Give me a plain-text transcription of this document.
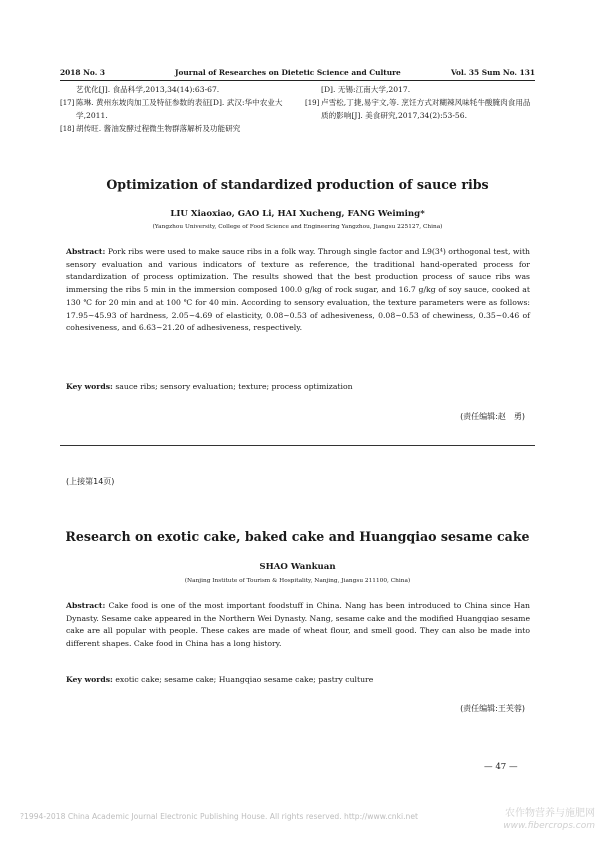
2018 No. 3	Journal of Researches on Dietetic Science and Culture	Vol. 35 Sum No. 131
艺优化[J]. 食品科学,2013,34(14):63-67.
[17] 陈琳. 黄州东坡肉加工及特征参数的表征[D]. 武汉:华中农业大学,2011.
[18] 胡传旺. 酱油发酵过程微生物群落解析及功能研究
[D]. 无锡:江南大学,2017.
[19] 卢雪松,丁捷,易宇文,等. 烹饪方式对糊辣风味牦牛酸腌肉食用品质的影响[J]. 美食研究,2017,34(2):53-56.
Optimization of standardized production of sauce ribs
LIU Xiaoxiao, GAO Li, HAI Xucheng, FANG Weiming*
(Yangzhou University, College of Food Science and Engineering Yangzhou, Jiangsu 225127, China)

Abstract: Pork ribs were used to make sauce ribs in a folk way. Through single factor and L9(3⁴) orthogonal test, with sensory evaluation and various indicators of texture as reference, the traditional hand-operated process for standardization of process optimization. The results showed that the best production process of sauce ribs was immersing the ribs 5 min in the immersion composed 100.0 g/kg of rock sugar, and 16.7 g/kg of soy sauce, cooked at 130 ℃ for 20 min and at 100 ℃ for 40 min. According to sensory evaluation, the texture parameters were as follows: 17.95~45.93 of hardness, 2.05~4.69 of elasticity, 0.08~0.53 of adhesiveness, 0.08~0.53 of chewiness, 0.35~0.46 of cohesiveness, and 6.63~21.20 of adhesiveness, respectively.

Key words: sauce ribs; sensory evaluation; texture; process optimization
(责任编辑:赵　勇)
(上接第14页)
Research on exotic cake, baked cake and Huangqiao sesame cake
SHAO Wankuan
(Nanjing Institute of Tourism & Hospitality, Nanjing, Jiangsu 211100, China)

Abstract: Cake food is one of the most important foodstuff in China. Nang has been introduced to China since Han Dynasty. Sesame cake appeared in the Northern Wei Dynasty. Nang, sesame cake and the modified Huangqiao sesame cake are all popular with people. These cakes are made of wheat flour, and smell good. They can also be made into different shapes. Cake food in China has a long history.

Key words: exotic cake; sesame cake; Huangqiao sesame cake; pastry culture
(责任编辑:王芙蓉)
— 47 —
?1994-2018 China Academic Journal Electronic Publishing House. All rights reserved. http://www.cnki.net	农作物营养与施肥网
www.fibercrops.com
